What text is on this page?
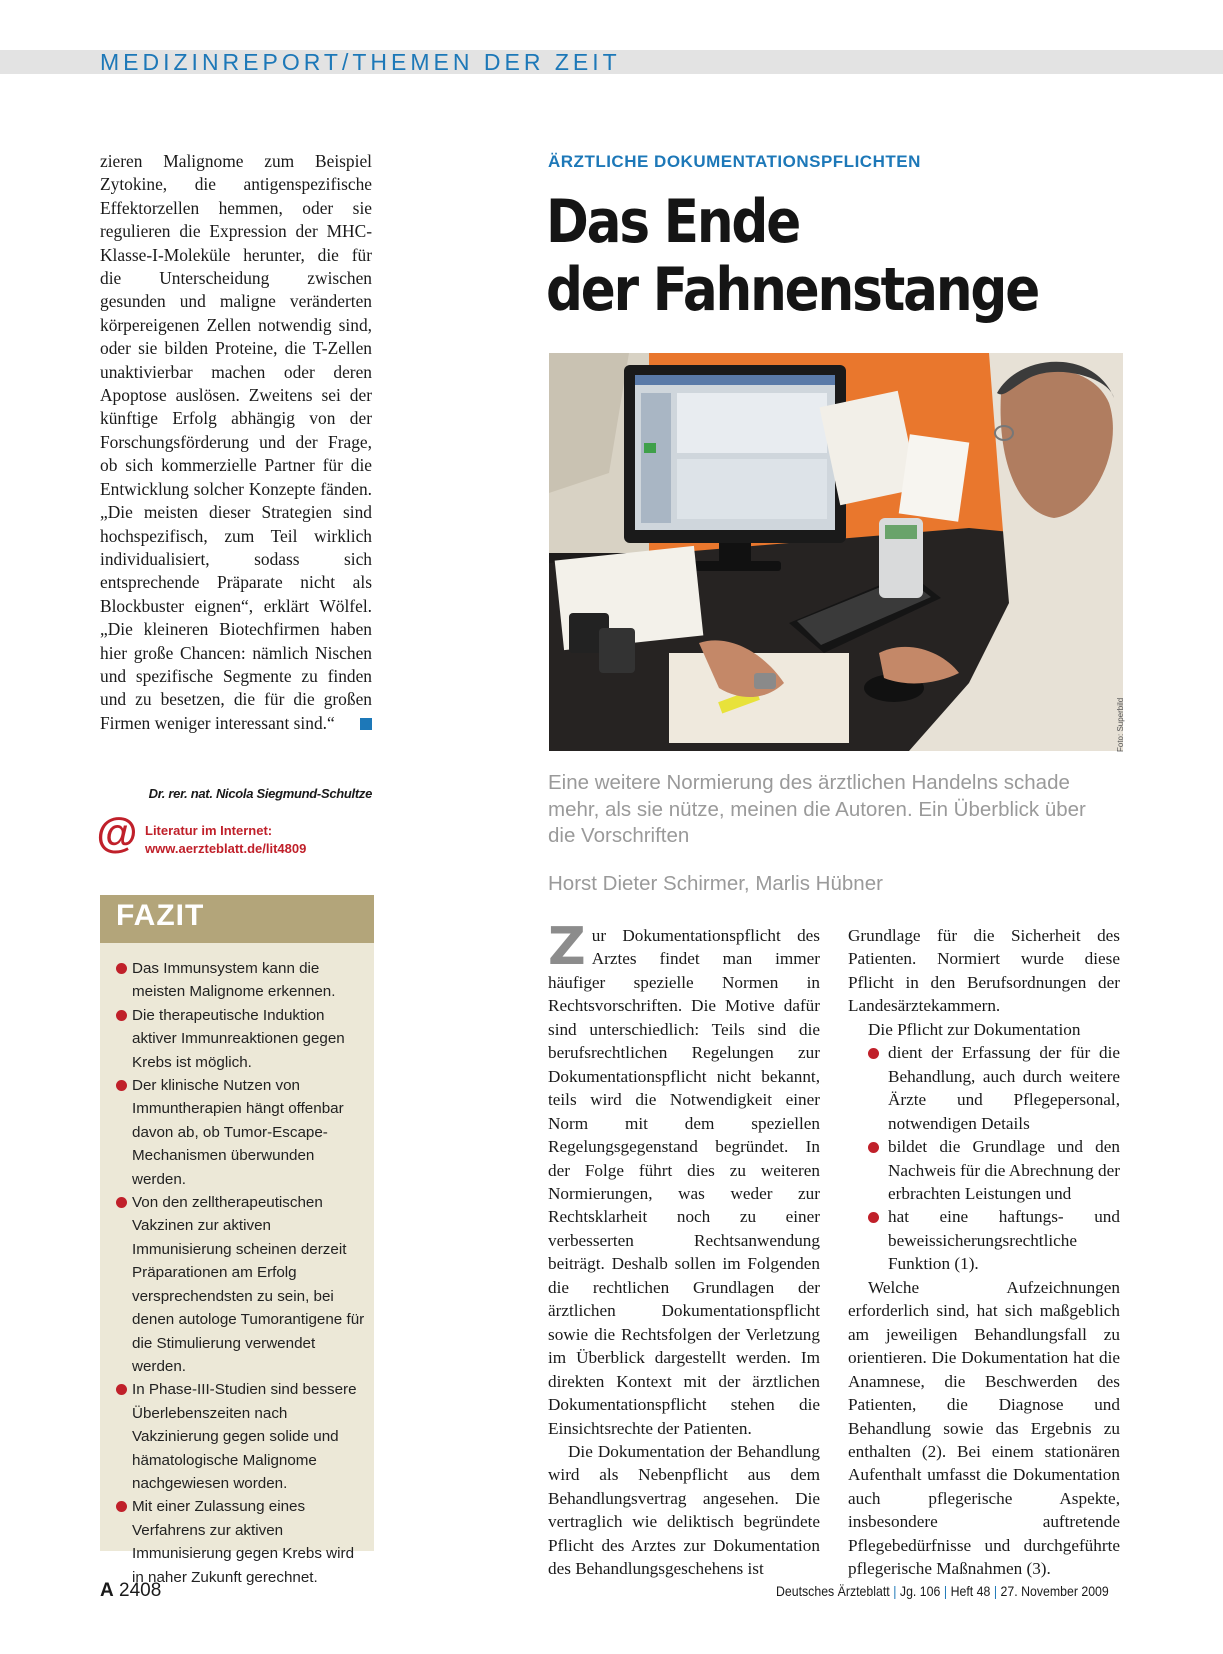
MEDIZINREPORT/THEMEN DER ZEIT

zieren Malignome zum Beispiel Zytokine, die antigenspezifische Effektorzellen hemmen, oder sie regulieren die Expression der MHC-Klasse-I-Moleküle herunter, die für die Unterscheidung zwischen gesunden und maligne veränderten körpereigenen Zellen notwendig sind, oder sie bilden Proteine, die T-Zellen unaktivierbar machen oder deren Apoptose auslösen. Zweitens sei der künftige Erfolg abhängig von der Forschungsförderung und der Frage, ob sich kommerzielle Partner für die Entwicklung solcher Konzepte fänden. „Die meisten dieser Strategien sind hochspezifisch, zum Teil wirklich individualisiert, sodass sich entsprechende Präparate nicht als Blockbuster eignen“, erklärt Wölfel. „Die kleineren Biotechfirmen haben hier große Chancen: nämlich Nischen und spezifische Segmente zu finden und zu besetzen, die für die großen Firmen weniger interessant sind.“

Dr. rer. nat. Nicola Siegmund-Schultze
@ Literatur im Internet:
www.aerzteblatt.de/lit4809
FAZIT
Das Immunsystem kann die meisten Malignome erkennen.
Die therapeutische Induktion aktiver Immunreaktionen gegen Krebs ist möglich.
Der klinische Nutzen von Immuntherapien hängt offenbar davon ab, ob Tumor-Escape-Mechanismen überwunden werden.
Von den zelltherapeutischen Vakzinen zur aktiven Immunisierung scheinen derzeit Präparationen am Erfolg versprechendsten zu sein, bei denen autologe Tumorantigene für die Stimulierung verwendet werden.
In Phase-III-Studien sind bessere Überlebenszeiten nach Vakzinierung gegen solide und hämatologische Malignome nachgewiesen worden.
Mit einer Zulassung eines Verfahrens zur aktiven Immunisierung gegen Krebs wird in naher Zukunft gerechnet.
ÄRZTLICHE DOKUMENTATIONSPFLICHTEN
Das Ende
der Fahnenstange
Foto: Superbild
Eine weitere Normierung des ärztlichen Handelns schade mehr, als sie nütze, meinen die Autoren. Ein Überblick über die Vorschriften
Horst Dieter Schirmer, Marlis Hübner

Zur Dokumentationspflicht des Arztes findet man immer häufiger spezielle Normen in Rechtsvorschriften. Die Motive dafür sind unterschiedlich: Teils sind die berufsrechtlichen Regelungen zur Dokumentationspflicht nicht bekannt, teils wird die Notwendigkeit einer Norm mit dem speziellen Regelungsgegenstand begründet. In der Folge führt dies zu weiteren Normierungen, was weder zur Rechtsklarheit noch zu einer verbesserten Rechtsanwendung beiträgt. Deshalb sollen im Folgenden die rechtlichen Grundlagen der ärztlichen Dokumentationspflicht sowie die Rechtsfolgen der Verletzung im Überblick dargestellt werden. Im direkten Kontext mit der ärztlichen Dokumentationspflicht stehen die Einsichtsrechte der Patienten.

Die Dokumentation der Behandlung wird als Nebenpflicht aus dem Behandlungsvertrag angesehen. Die vertraglich wie deliktisch begründete Pflicht des Arztes zur Dokumentation des Behandlungsgeschehens ist

Grundlage für die Sicherheit des Patienten. Normiert wurde diese Pflicht in den Berufsordnungen der Landesärztekammern.

Die Pflicht zur Dokumentation

dient der Erfassung der für die Behandlung, auch durch weitere Ärzte und Pflegepersonal, notwendigen Details

bildet die Grundlage und den Nachweis für die Abrechnung der erbrachten Leistungen und

hat eine haftungs- und beweissicherungsrechtliche Funktion (1).

Welche Aufzeichnungen erforderlich sind, hat sich maßgeblich am jeweiligen Behandlungsfall zu orientieren. Die Dokumentation hat die Anamnese, die Beschwerden des Patienten, die Diagnose und Behandlung sowie das Ergebnis zu enthalten (2). Bei einem stationären Aufenthalt umfasst die Dokumentation auch pflegerische Aspekte, insbesondere auftretende Pflegebedürfnisse und durchgeführte pflegerische Maßnahmen (3).

A 2408	Deutsches Ärzteblatt | Jg. 106 | Heft 48 | 27. November 2009
